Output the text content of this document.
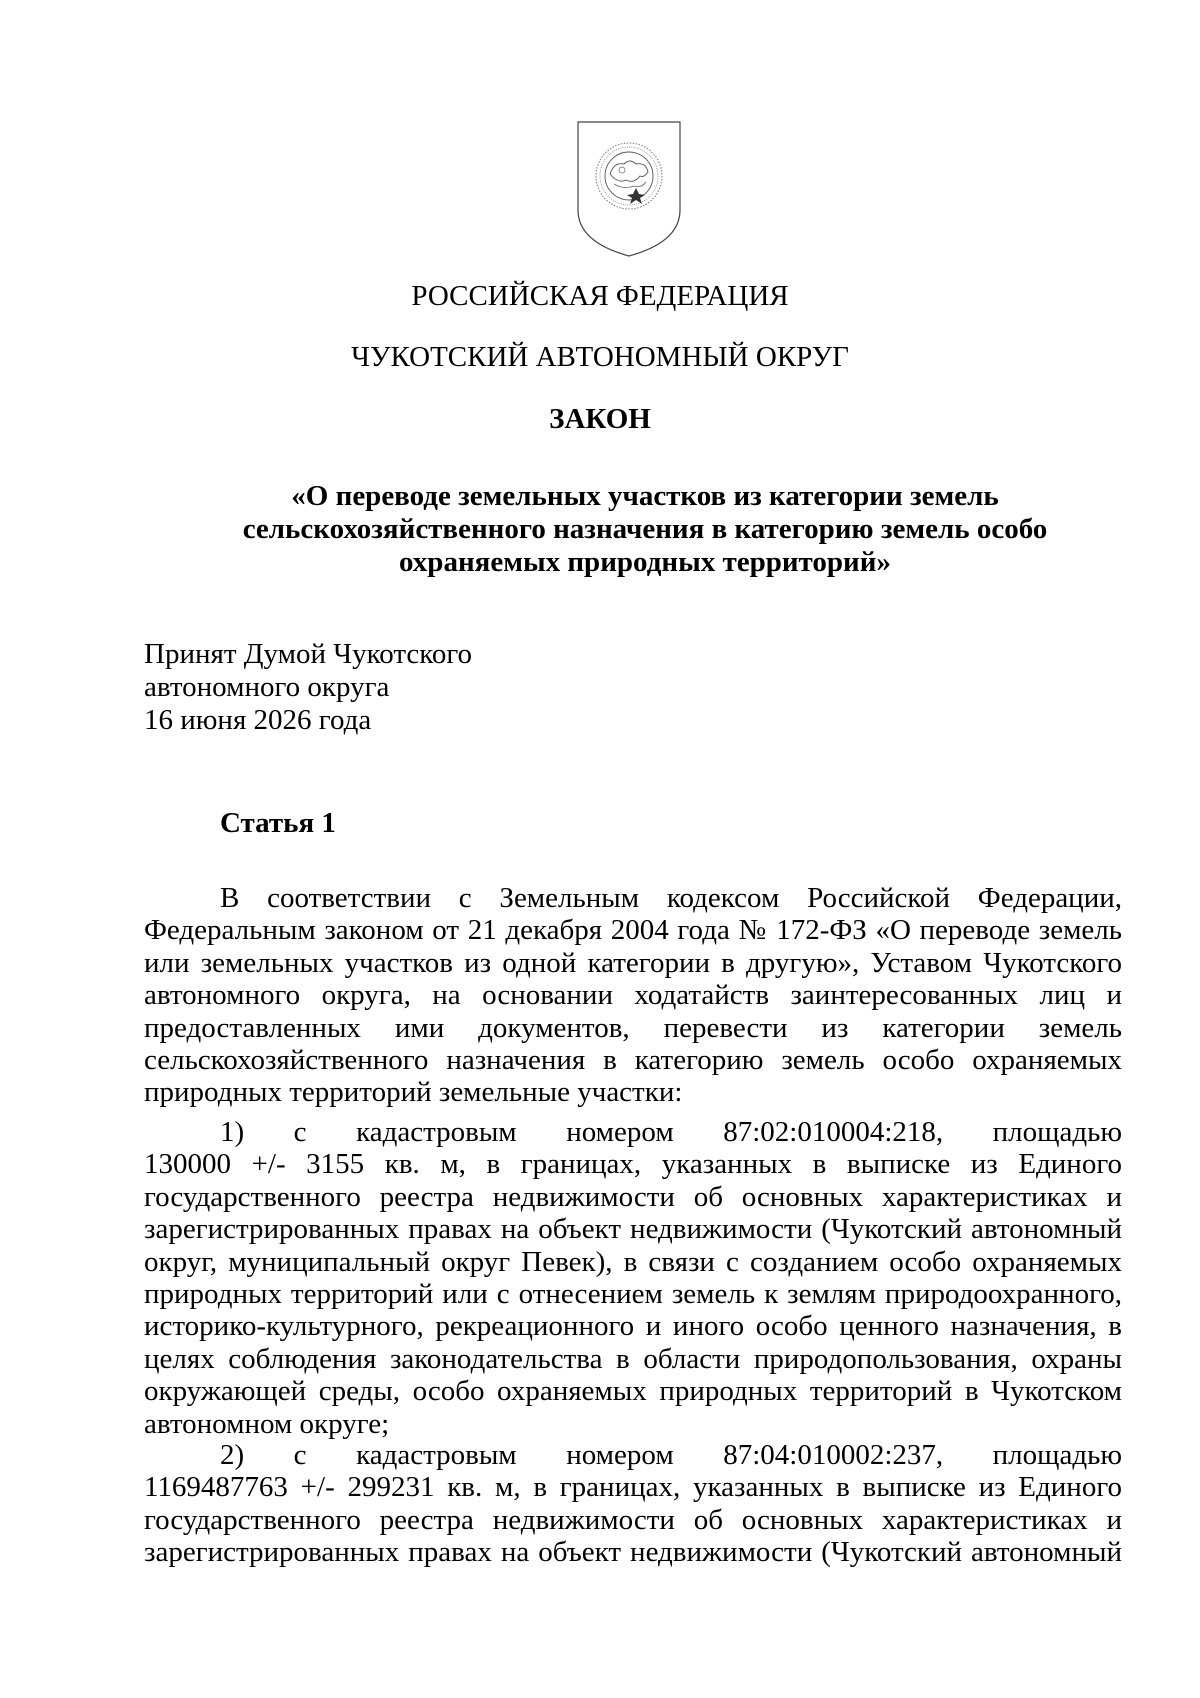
РОССИЙСКАЯ ФЕДЕРАЦИЯ
ЧУКОТСКИЙ АВТОНОМНЫЙ ОКРУГ
ЗАКОН
«О переводе земельных участков из категории земель
сельскохозяйственного назначения в категорию земель особо
охраняемых природных территорий»
Принят Думой Чукотского
автономного округа
16 июня 2026 года
Статья 1
В соответствии с Земельным кодексом Российской Федерации,
Федеральным законом от 21 декабря 2004 года № 172-ФЗ «О переводе земель
или земельных участков из одной категории в другую», Уставом Чукотского
автономного округа, на основании ходатайств заинтересованных лиц и
предоставленных ими документов, перевести из категории земель
сельскохозяйственного назначения в категорию земель особо охраняемых
природных территорий земельные участки:
1) с кадастровым номером 87:02:010004:218, площадью
130000 +/- 3155 кв. м, в границах, указанных в выписке из Единого
государственного реестра недвижимости об основных характеристиках и
зарегистрированных правах на объект недвижимости (Чукотский автономный
округ, муниципальный округ Певек), в связи с созданием особо охраняемых
природных территорий или с отнесением земель к землям природоохранного,
историко-культурного, рекреационного и иного особо ценного назначения, в
целях соблюдения законодательства в области природопользования, охраны
окружающей среды, особо охраняемых природных территорий в Чукотском
автономном округе;
2) с кадастровым номером 87:04:010002:237, площадью
1169487763 +/- 299231 кв. м, в границах, указанных в выписке из Единого
государственного реестра недвижимости об основных характеристиках и
зарегистрированных правах на объект недвижимости (Чукотский автономный
